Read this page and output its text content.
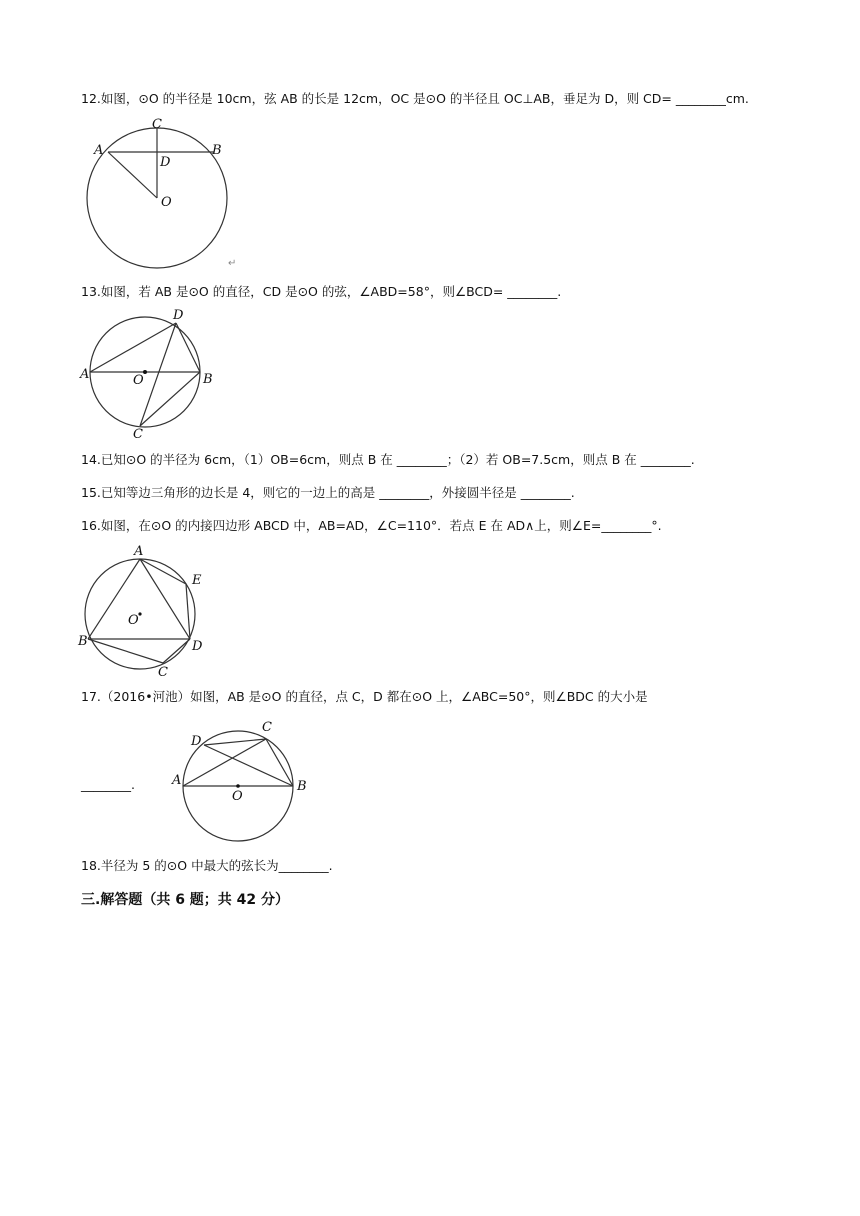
12.如图，⊙O 的半径是 10cm，弦 AB 的长是 12cm，OC 是⊙O 的半径且 OC⊥AB，垂足为 D，则 CD= ________cm.
A	B
C
D
O
↵
13.如图，若 AB 是⊙O 的直径，CD 是⊙O 的弦，∠ABD=58°，则∠BCD= ________.
A	B
C
D
O
14.已知⊙O 的半径为 6cm，（1）OB=6cm，则点 B 在 ________；（2）若 OB=7.5cm，则点 B 在 ________.
15.已知等边三角形的边长是 4，则它的一边上的高是 ________，外接圆半径是 ________.
16.如图，在⊙O 的内接四边形 ABCD 中，AB=AD，∠C=110°．若点 E 在 AD∧上，则∠E=________°.
A
B
C
D
E
O
17.（2016•河池）如图，AB 是⊙O 的直径，点 C，D 都在⊙O 上，∠ABC=50°，则∠BDC 的大小是
________.	A	B
C
D
O
18.半径为 5 的⊙O 中最大的弦长为________.
三.解答题（共 6 题；共 42 分）
